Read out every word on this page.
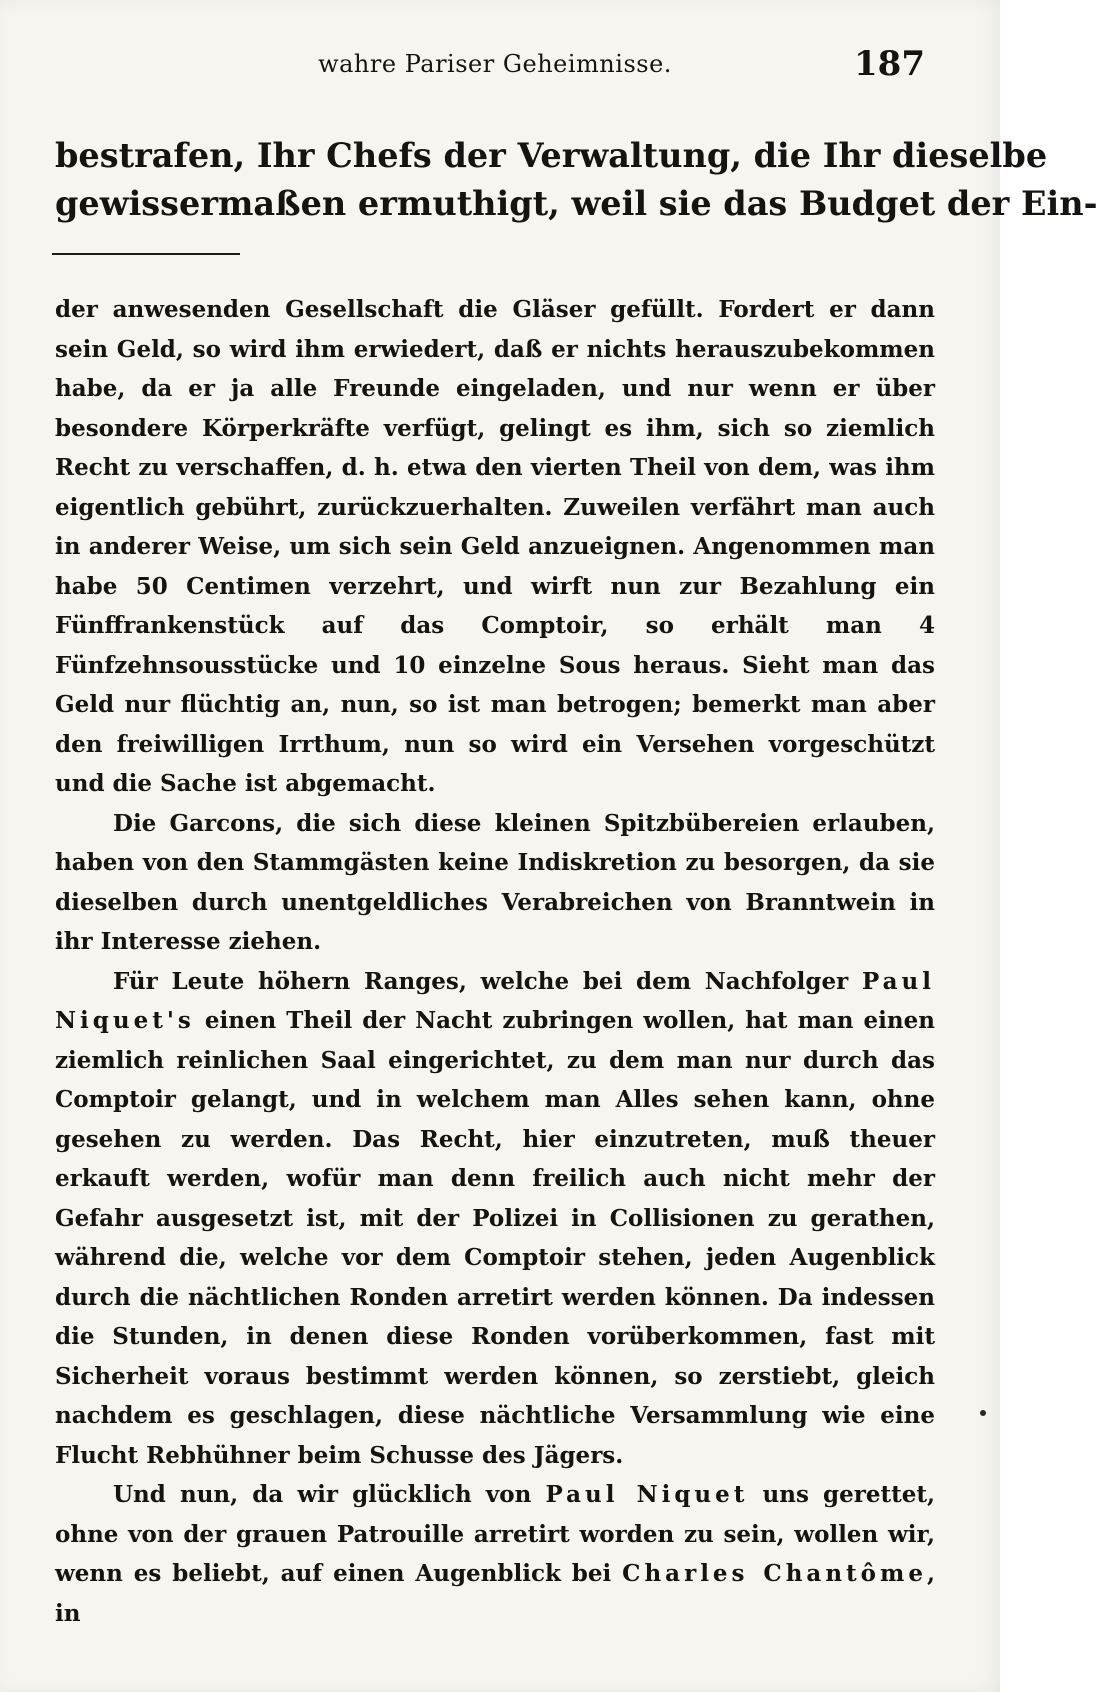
wahre Pariser Geheimnisse.	187
bestrafen, Ihr Chefs der Verwaltung, die Ihr dieselbe
gewissermaßen ermuthigt, weil sie das Budget der Ein-

der anwesenden Gesellschaft die Gläser gefüllt. Fordert er dann sein Geld, so wird ihm erwiedert, daß er nichts herauszubekommen habe, da er ja alle Freunde eingeladen, und nur wenn er über besondere Körperkräfte verfügt, gelingt es ihm, sich so ziemlich Recht zu verschaffen, d. h. etwa den vierten Theil von dem, was ihm eigentlich gebührt, zurückzuerhalten. Zuweilen verfährt man auch in anderer Weise, um sich sein Geld anzueignen. Angenommen man habe 50 Centimen verzehrt, und wirft nun zur Bezahlung ein Fünffrankenstück auf das Comptoir, so erhält man 4 Fünfzehnsousstücke und 10 einzelne Sous heraus. Sieht man das Geld nur flüchtig an, nun, so ist man betrogen; bemerkt man aber den freiwilligen Irrthum, nun so wird ein Versehen vorgeschützt und die Sache ist abgemacht.

Die Garcons, die sich diese kleinen Spitzbübereien erlauben, haben von den Stammgästen keine Indiskretion zu besorgen, da sie dieselben durch unentgeldliches Verabreichen von Branntwein in ihr Interesse ziehen.

Für Leute höhern Ranges, welche bei dem Nachfolger Paul Niquet's einen Theil der Nacht zubringen wollen, hat man einen ziemlich reinlichen Saal eingerichtet, zu dem man nur durch das Comptoir gelangt, und in welchem man Alles sehen kann, ohne gesehen zu werden. Das Recht, hier einzutreten, muß theuer erkauft werden, wofür man denn freilich auch nicht mehr der Gefahr ausgesetzt ist, mit der Polizei in Collisionen zu gerathen, während die, welche vor dem Comptoir stehen, jeden Augenblick durch die nächtlichen Ronden arretirt werden können. Da indessen die Stunden, in denen diese Ronden vorüberkommen, fast mit Sicherheit voraus bestimmt werden können, so zerstiebt, gleich nachdem es geschlagen, diese nächtliche Versammlung wie eine Flucht Rebhühner beim Schusse des Jägers.

Und nun, da wir glücklich von Paul Niquet uns gerettet, ohne von der grauen Patrouille arretirt worden zu sein, wollen wir, wenn es beliebt, auf einen Augenblick bei Charles Chantôme, in
